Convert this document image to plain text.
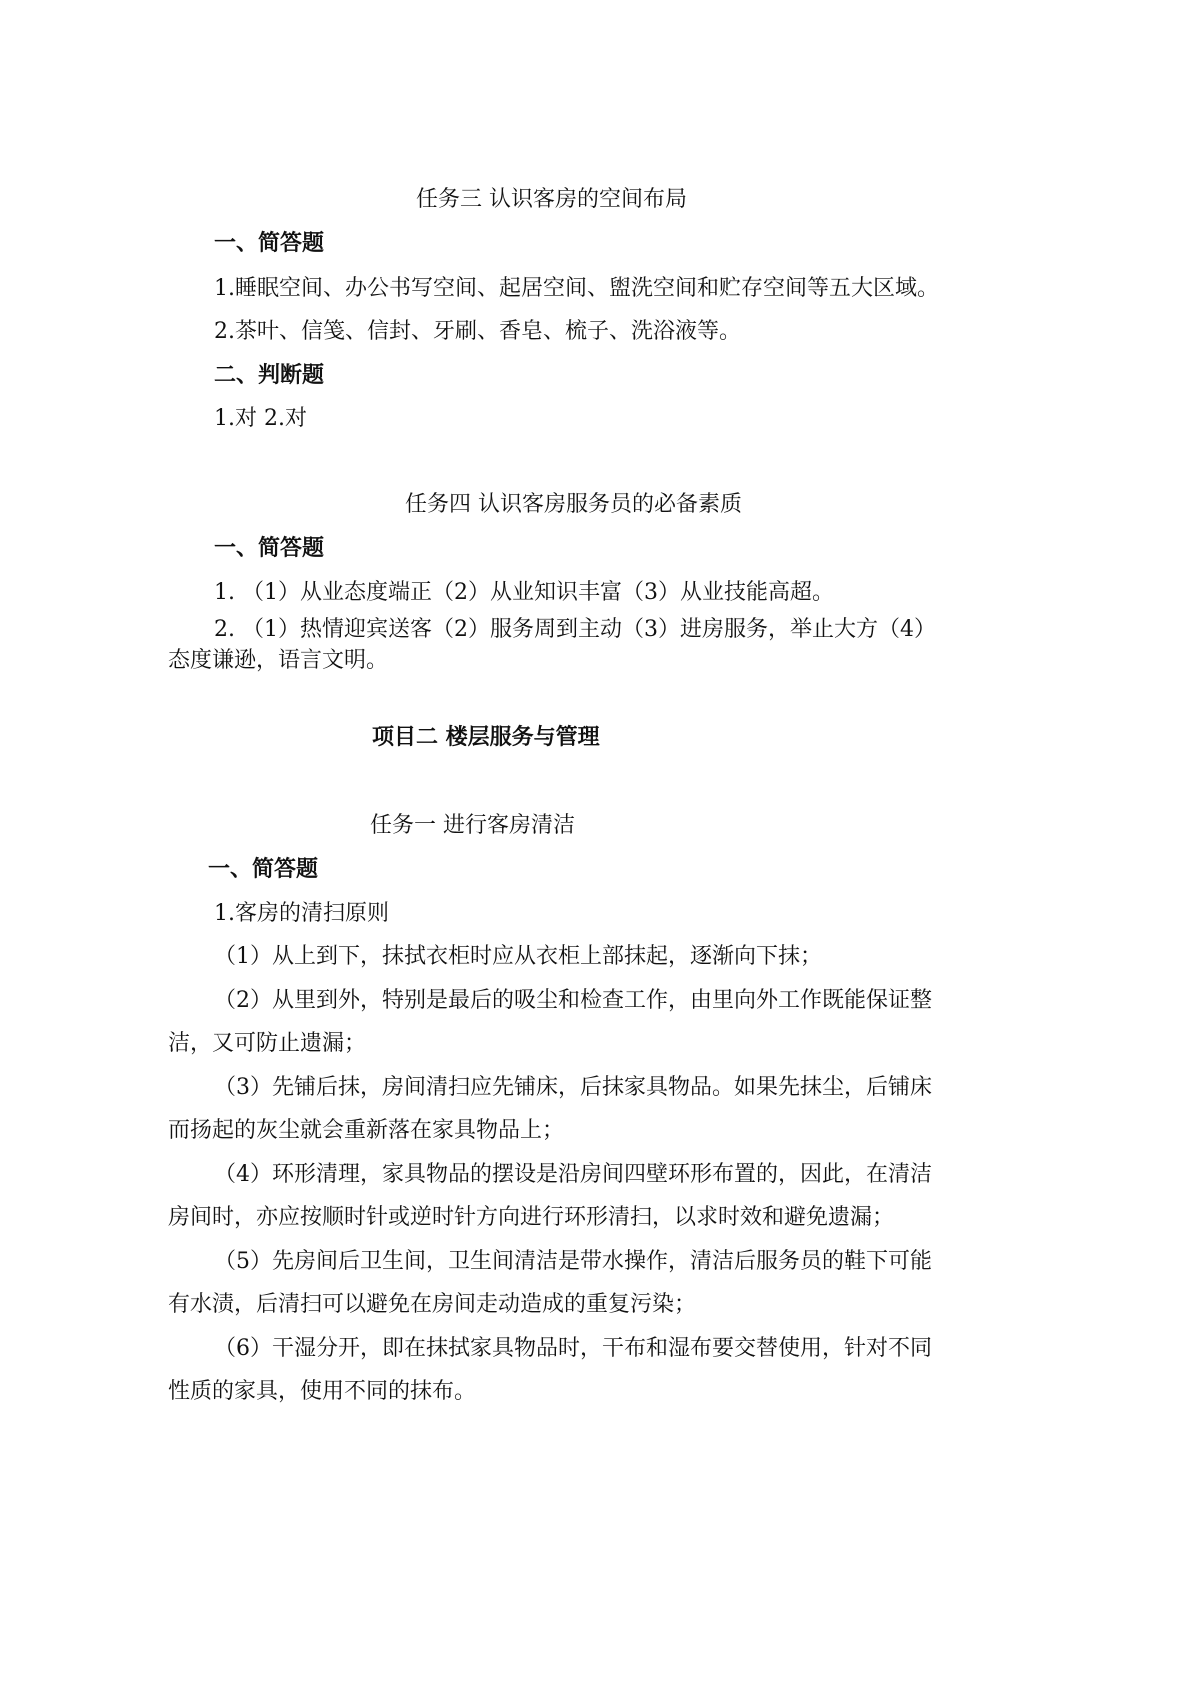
任务三 认识客房的空间布局
一、简答题
1.睡眠空间、办公书写空间、起居空间、盥洗空间和贮存空间等五大区域。
2.茶叶、信笺、信封、牙刷、香皂、梳子、洗浴液等。
二、判断题
1.对 2.对
任务四 认识客房服务员的必备素质
一、简答题
1. （1）从业态度端正（2）从业知识丰富（3）从业技能高超。
2. （1）热情迎宾送客（2）服务周到主动（3）进房服务，举止大方（4）
态度谦逊，语言文明。
项目二 楼层服务与管理
任务一 进行客房清洁
一、简答题
1.客房的清扫原则
（1）从上到下，抹拭衣柜时应从衣柜上部抹起，逐渐向下抹；
（2）从里到外，特别是最后的吸尘和检查工作，由里向外工作既能保证整
洁，又可防止遗漏；
（3）先铺后抹，房间清扫应先铺床，后抹家具物品。如果先抹尘，后铺床
而扬起的灰尘就会重新落在家具物品上；
（4）环形清理，家具物品的摆设是沿房间四壁环形布置的，因此，在清洁
房间时，亦应按顺时针或逆时针方向进行环形清扫，以求时效和避免遗漏；
（5）先房间后卫生间，卫生间清洁是带水操作，清洁后服务员的鞋下可能
有水渍，后清扫可以避免在房间走动造成的重复污染；
（6）干湿分开，即在抹拭家具物品时，干布和湿布要交替使用，针对不同
性质的家具，使用不同的抹布。
